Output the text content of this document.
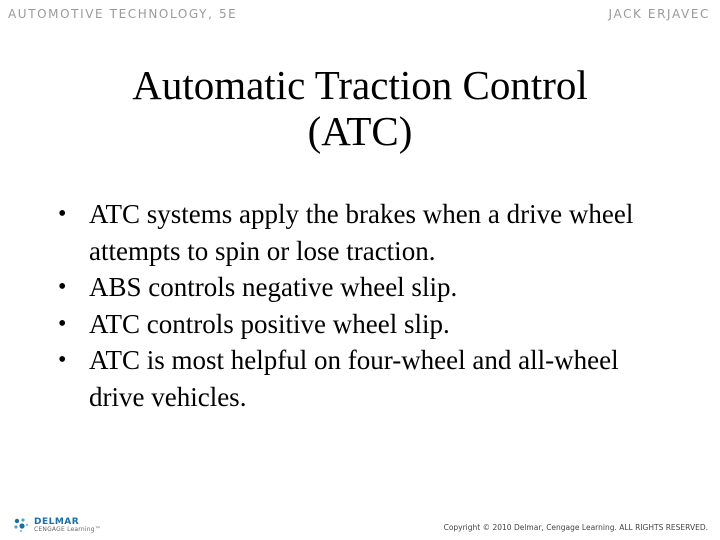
AUTOMOTIVE TECHNOLOGY, 5E	JACK ERJAVEC
Automatic Traction Control
(ATC)
• ATC systems apply the brakes when a drive wheel attempts to spin or lose traction.
• ABS controls negative wheel slip.
• ATC controls positive wheel slip.
• ATC is most helpful on four-wheel and all-wheel drive vehicles.
DELMAR
CENGAGE Learning™	Copyright © 2010 Delmar, Cengage Learning. ALL RIGHTS RESERVED.
